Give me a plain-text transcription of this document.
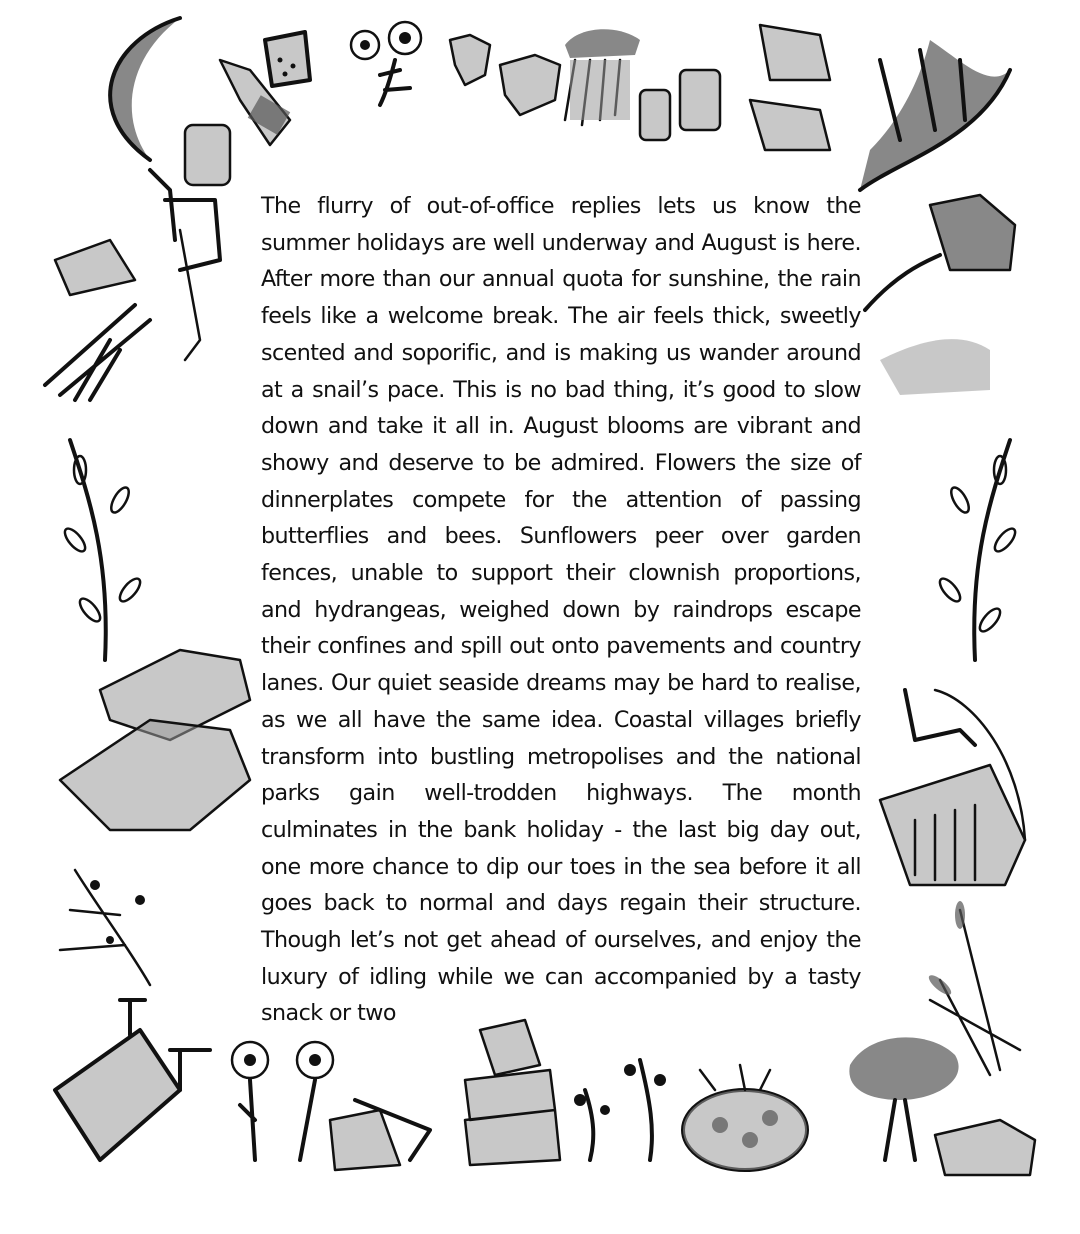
The flurry of out-of-office replies lets us know the summer holidays are well underway and August is here. After more than our annual quota for sunshine, the rain feels like a welcome break. The air feels thick, sweetly scented and soporific, and is making us wander around at a snail’s pace. This is no bad thing, it’s good to slow down and take it all in. August blooms are vibrant and showy and deserve to be admired. Flowers the size of dinnerplates compete for the attention of passing butterflies and bees. Sunflowers peer over garden fences, unable to support their clownish proportions, and hydrangeas, weighed down by raindrops escape their confines and spill out onto pavements and country lanes. Our quiet seaside dreams may be hard to realise, as we all have the same idea. Coastal villages briefly transform into bustling metropolises and the national parks gain well-trodden highways. The month culminates in the bank holiday - the last big day out, one more chance to dip our toes in the sea before it all goes back to normal and days regain their structure. Though let’s not get ahead of ourselves, and enjoy the luxury of idling while we can accompanied by a tasty snack or two
